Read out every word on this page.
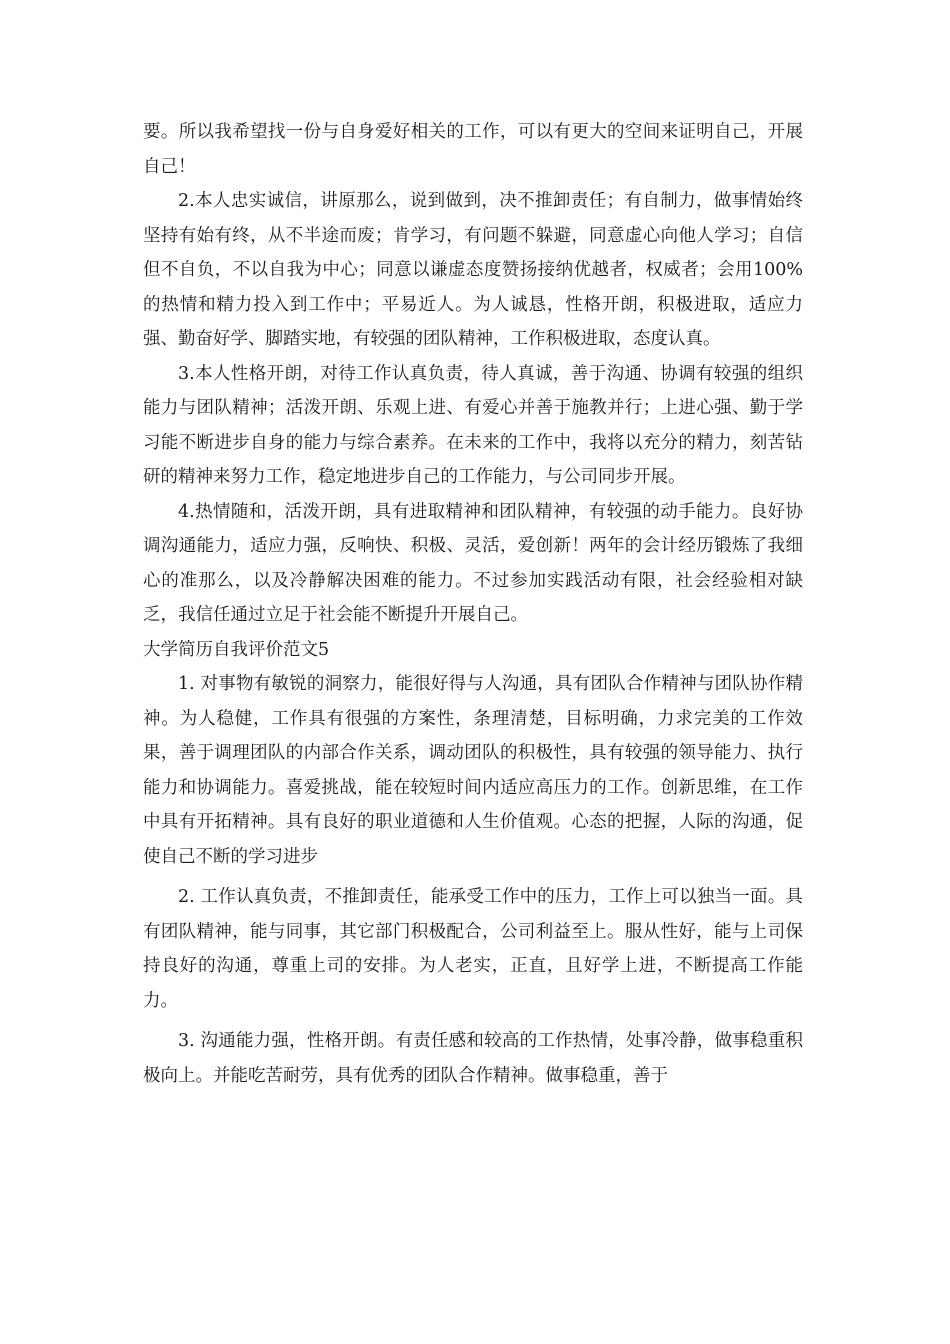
要。所以我希望找一份与自身爱好相关的工作，可以有更大的空间来证明自己，开展自己！

2.本人忠实诚信，讲原那么，说到做到，决不推卸责任；有自制力，做事情始终坚持有始有终，从不半途而废；肯学习，有问题不躲避，同意虚心向他人学习；自信但不自负，不以自我为中心；同意以谦虚态度赞扬接纳优越者，权威者；会用100%的热情和精力投入到工作中；平易近人。为人诚恳，性格开朗，积极进取，适应力强、勤奋好学、脚踏实地，有较强的团队精神，工作积极进取，态度认真。

3.本人性格开朗，对待工作认真负责，待人真诚，善于沟通、协调有较强的组织能力与团队精神；活泼开朗、乐观上进、有爱心并善于施教并行；上进心强、勤于学习能不断进步自身的能力与综合素养。在未来的工作中，我将以充分的精力，刻苦钻研的精神来努力工作，稳定地进步自己的工作能力，与公司同步开展。

4.热情随和，活泼开朗，具有进取精神和团队精神，有较强的动手能力。良好协调沟通能力，适应力强，反响快、积极、灵活，爱创新！两年的会计经历锻炼了我细心的准那么，以及冷静解决困难的能力。不过参加实践活动有限，社会经验相对缺乏，我信任通过立足于社会能不断提升开展自己。

大学简历自我评价范文5

1. 对事物有敏锐的洞察力，能很好得与人沟通，具有团队合作精神与团队协作精神。为人稳健，工作具有很强的方案性，条理清楚，目标明确，力求完美的工作效果，善于调理团队的内部合作关系，调动团队的积极性，具有较强的领导能力、执行能力和协调能力。喜爱挑战，能在较短时间内适应高压力的工作。创新思维，在工作中具有开拓精神。具有良好的职业道德和人生价值观。心态的把握，人际的沟通，促使自己不断的学习进步

2. 工作认真负责，不推卸责任，能承受工作中的压力，工作上可以独当一面。具有团队精神，能与同事，其它部门积极配合，公司利益至上。服从性好，能与上司保持良好的沟通，尊重上司的安排。为人老实，正直，且好学上进，不断提高工作能力。

3. 沟通能力强，性格开朗。有责任感和较高的工作热情，处事冷静，做事稳重积极向上。并能吃苦耐劳，具有优秀的团队合作精神。做事稳重，善于
